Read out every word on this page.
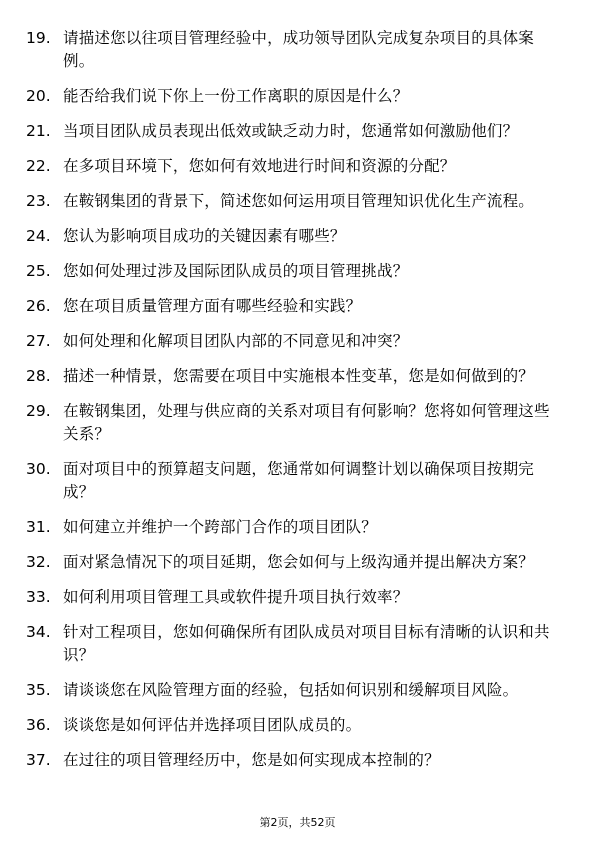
19. 请描述您以往项目管理经验中，成功领导团队完成复杂项目的具体案例。
20. 能否给我们说下你上一份工作离职的原因是什么？
21. 当项目团队成员表现出低效或缺乏动力时，您通常如何激励他们？
22. 在多项目环境下，您如何有效地进行时间和资源的分配？
23. 在鞍钢集团的背景下，简述您如何运用项目管理知识优化生产流程。
24. 您认为影响项目成功的关键因素有哪些？
25. 您如何处理过涉及国际团队成员的项目管理挑战？
26. 您在项目质量管理方面有哪些经验和实践？
27. 如何处理和化解项目团队内部的不同意见和冲突？
28. 描述一种情景，您需要在项目中实施根本性变革，您是如何做到的？
29. 在鞍钢集团，处理与供应商的关系对项目有何影响？您将如何管理这些关系？
30. 面对项目中的预算超支问题，您通常如何调整计划以确保项目按期完成？
31. 如何建立并维护一个跨部门合作的项目团队？
32. 面对紧急情况下的项目延期，您会如何与上级沟通并提出解决方案？
33. 如何利用项目管理工具或软件提升项目执行效率？
34. 针对工程项目，您如何确保所有团队成员对项目目标有清晰的认识和共识？
35. 请谈谈您在风险管理方面的经验，包括如何识别和缓解项目风险。
36. 谈谈您是如何评估并选择项目团队成员的。
37. 在过往的项目管理经历中，您是如何实现成本控制的？
第2页，共52页
